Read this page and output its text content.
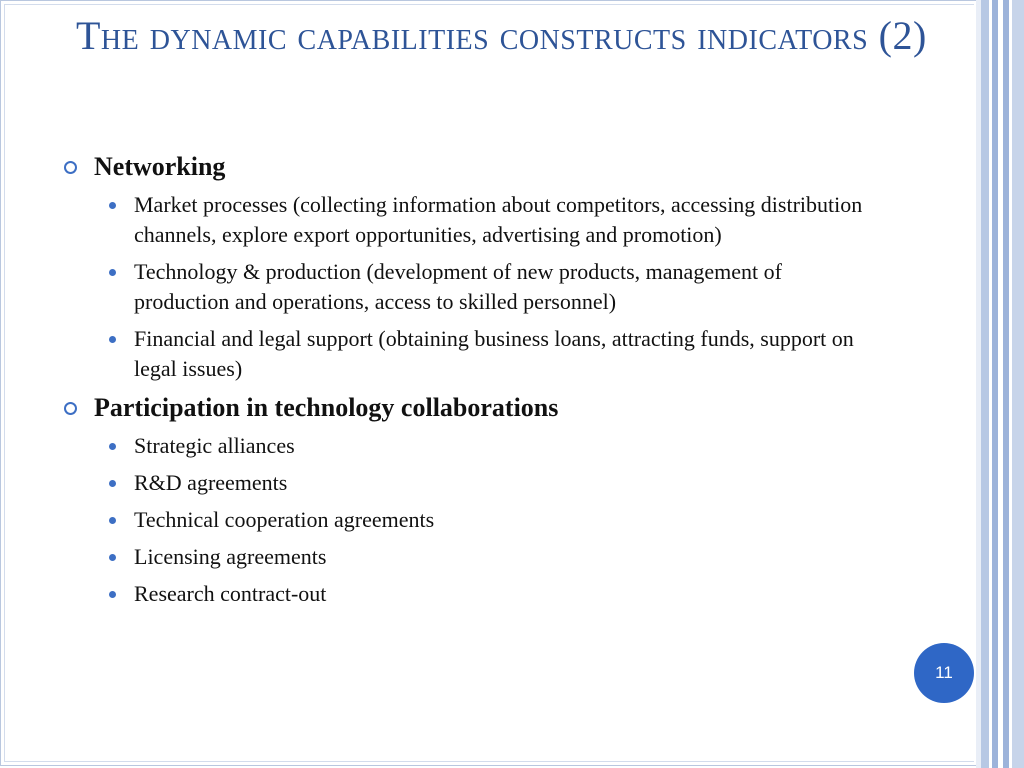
The dynamic capabilities constructs indicators (2)
Networking
Market processes (collecting information about competitors, accessing distribution channels, explore export opportunities, advertising and promotion)
Technology & production (development of new products, management of production and operations, access to skilled personnel)
Financial and legal support (obtaining business loans, attracting funds, support on legal issues)
Participation in technology collaborations
Strategic alliances
R&D agreements
Technical cooperation agreements
Licensing agreements
Research contract-out
11
